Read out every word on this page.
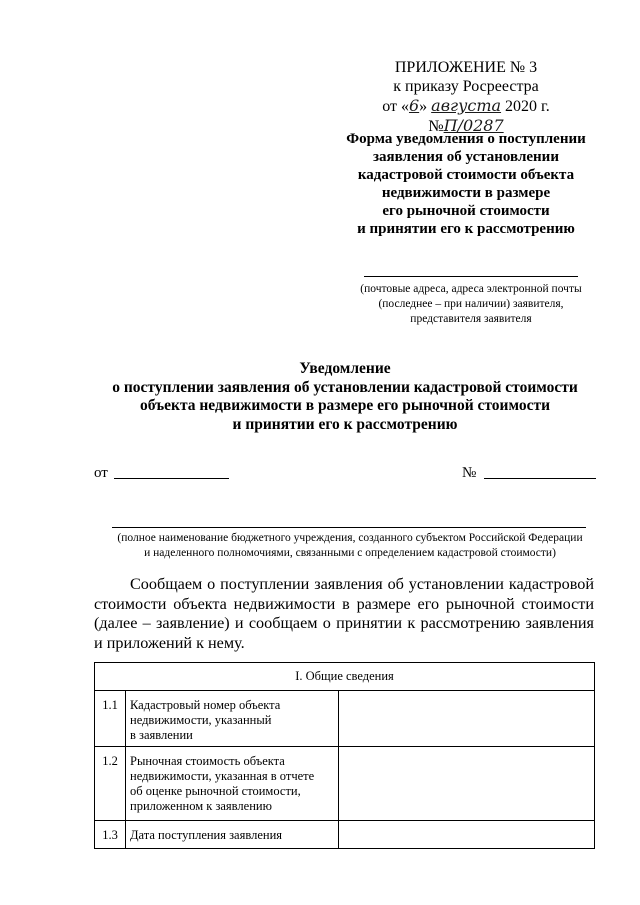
ПРИЛОЖЕНИЕ № 3
к приказу Росреестра
от «6» августа 2020 г. №П/0287
Форма уведомления о поступлении
заявления об установлении
кадастровой стоимости объекта
недвижимости в размере
его рыночной стоимости
и принятии его к рассмотрению
(почтовые адреса, адреса электронной почты
(последнее – при наличии) заявителя,
представителя заявителя
Уведомление
о поступлении заявления об установлении кадастровой стоимости
объекта недвижимости в размере его рыночной стоимости
и принятии его к рассмотрению
от	№
(полное наименование бюджетного учреждения, созданного субъектом Российской Федерации
и наделенного полномочиями, связанными с определением кадастровой стоимости)
Сообщаем о поступлении заявления об установлении кадастровой стоимости объекта недвижимости в размере его рыночной стоимости (далее – заявление) и сообщаем о принятии к рассмотрению заявления и приложений к нему.
I. Общие сведения		
1.1	Кадастровый номер объекта
недвижимости, указанный
в заявлении	

1.2	Рыночная стоимость объекта
недвижимости, указанная в отчете
об оценке рыночной стоимости,
приложенном к заявлению	

1.3	Дата поступления заявления	
